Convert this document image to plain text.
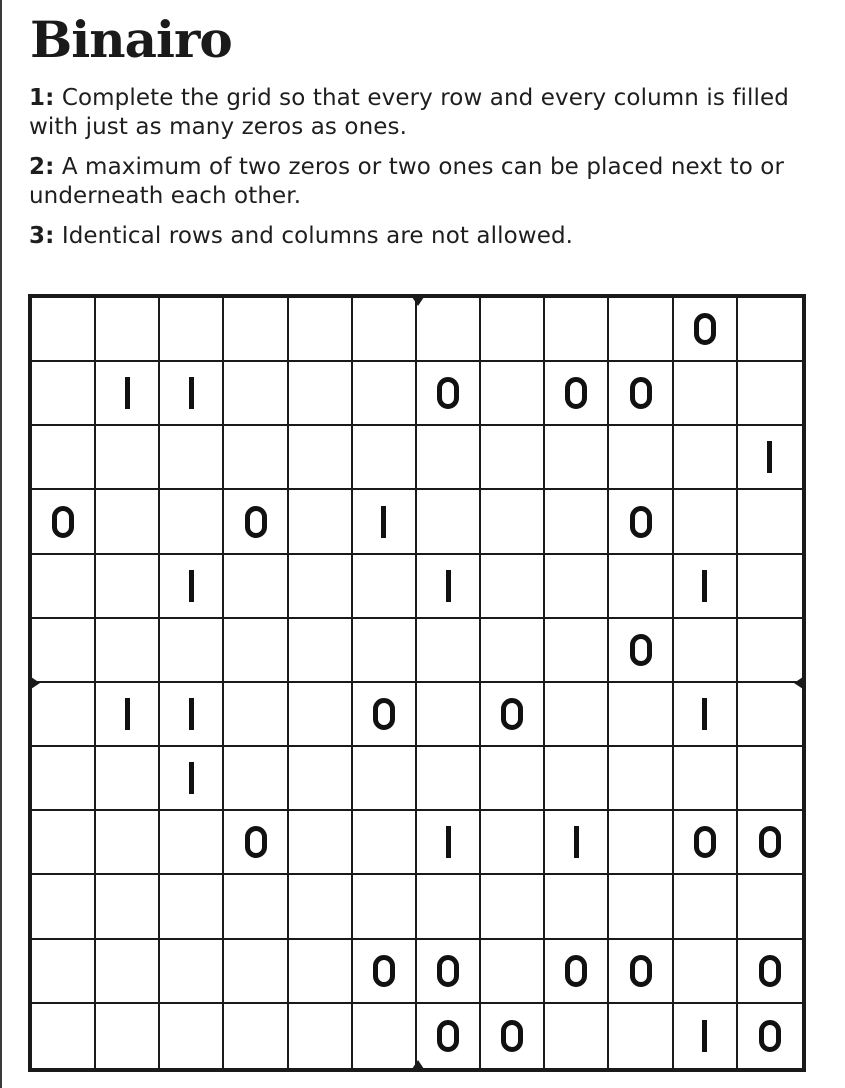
Binairo

1: Complete the grid so that every row and every column is filled with just as many zeros as ones.

2: A maximum of two zeros or two ones can be placed next to or underneath each other.

3: Identical rows and columns are not allowed.
